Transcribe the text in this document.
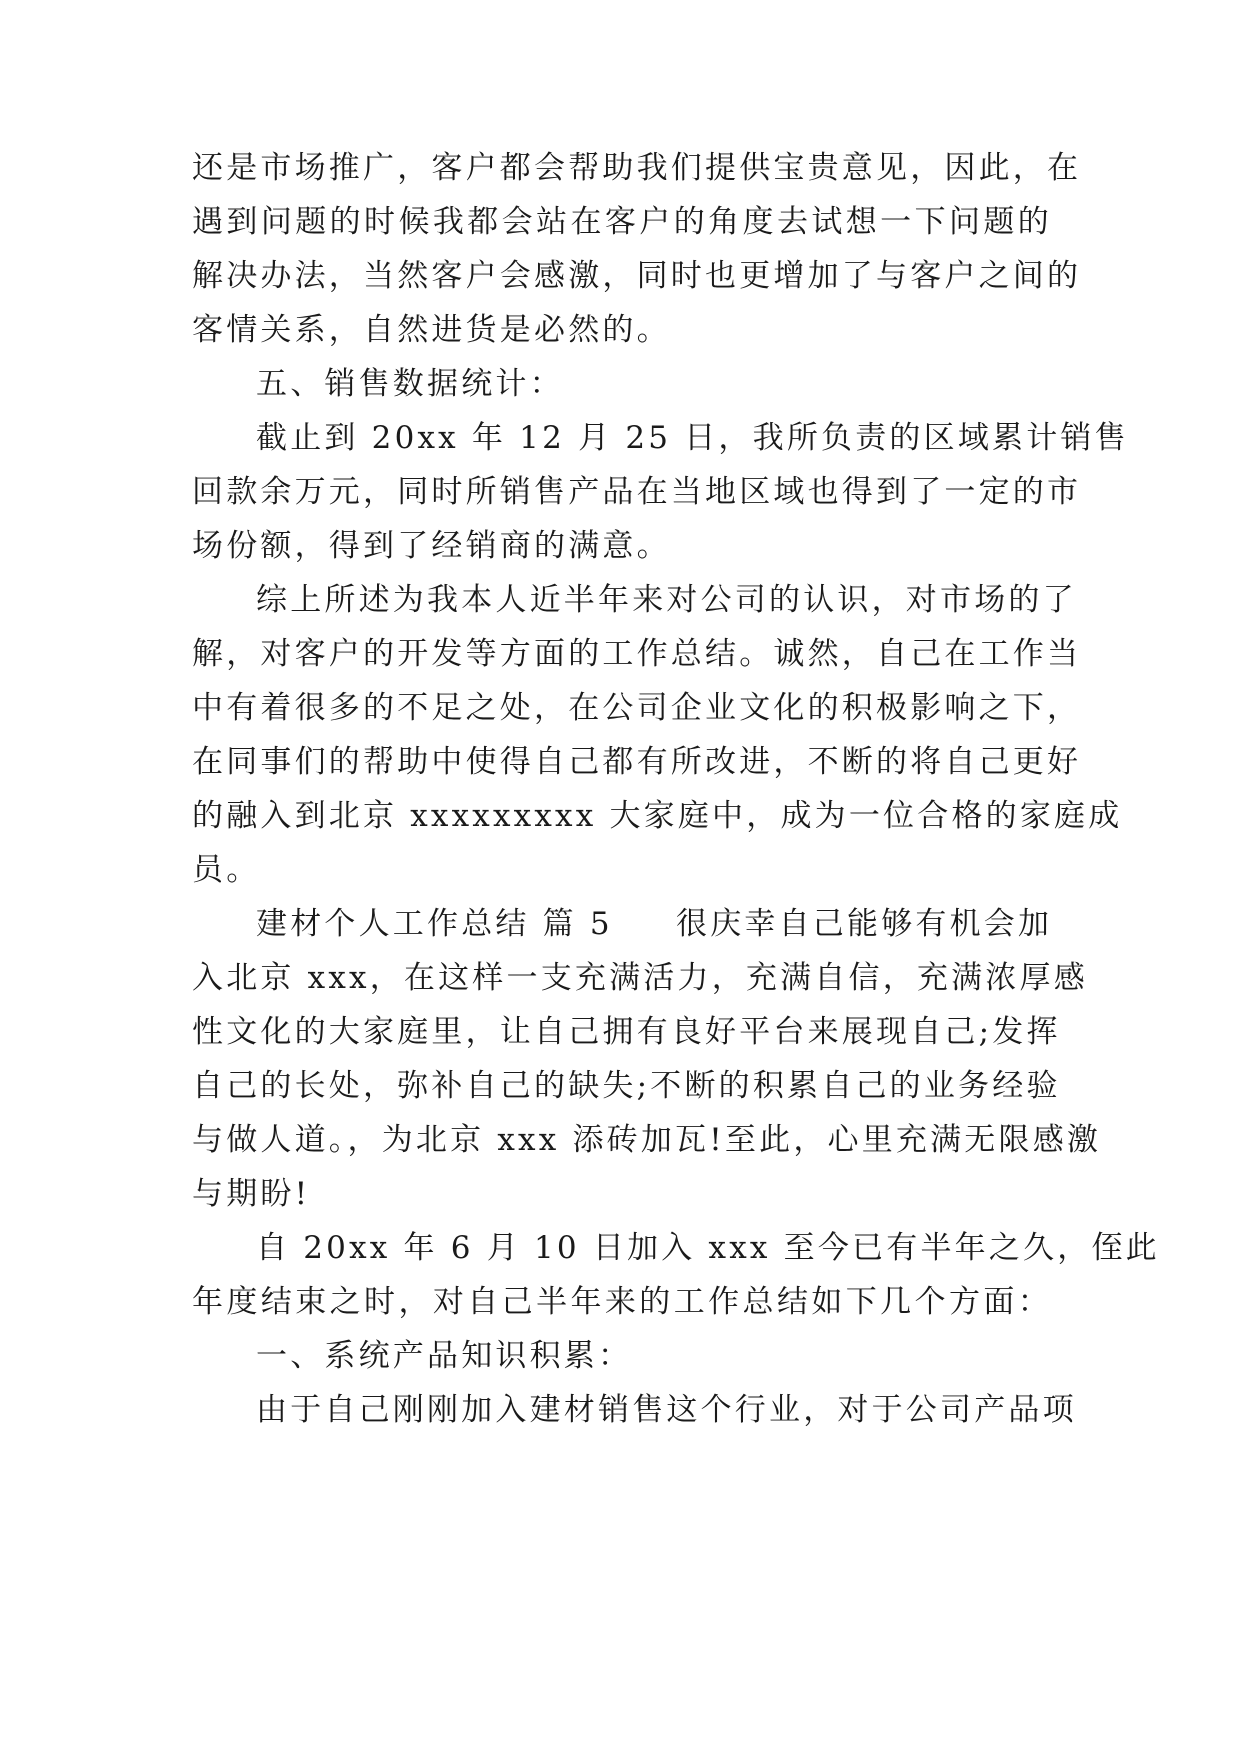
还是市场推广，客户都会帮助我们提供宝贵意见，因此，在
遇到问题的时候我都会站在客户的角度去试想一下问题的
解决办法，当然客户会感激，同时也更增加了与客户之间的
客情关系，自然进货是必然的。
五、销售数据统计：
截止到 20xx 年 12 月 25 日，我所负责的区域累计销售
回款余万元，同时所销售产品在当地区域也得到了一定的市
场份额，得到了经销商的满意。
综上所述为我本人近半年来对公司的认识，对市场的了
解，对客户的开发等方面的工作总结。诚然，自己在工作当
中有着很多的不足之处，在公司企业文化的积极影响之下，
在同事们的帮助中使得自己都有所改进，不断的将自己更好
的融入到北京 xxxxxxxxx 大家庭中，成为一位合格的家庭成
员。
建材个人工作总结 篇 5 很庆幸自己能够有机会加
入北京 xxx，在这样一支充满活力，充满自信，充满浓厚感
性文化的大家庭里，让自己拥有良好平台来展现自己;发挥
自己的长处，弥补自己的缺失;不断的积累自己的业务经验
与做人道。，为北京 xxx 添砖加瓦!至此，心里充满无限感激
与期盼!
自 20xx 年 6 月 10 日加入 xxx 至今已有半年之久，侄此
年度结束之时，对自己半年来的工作总结如下几个方面：
一、系统产品知识积累：
由于自己刚刚加入建材销售这个行业，对于公司产品项
